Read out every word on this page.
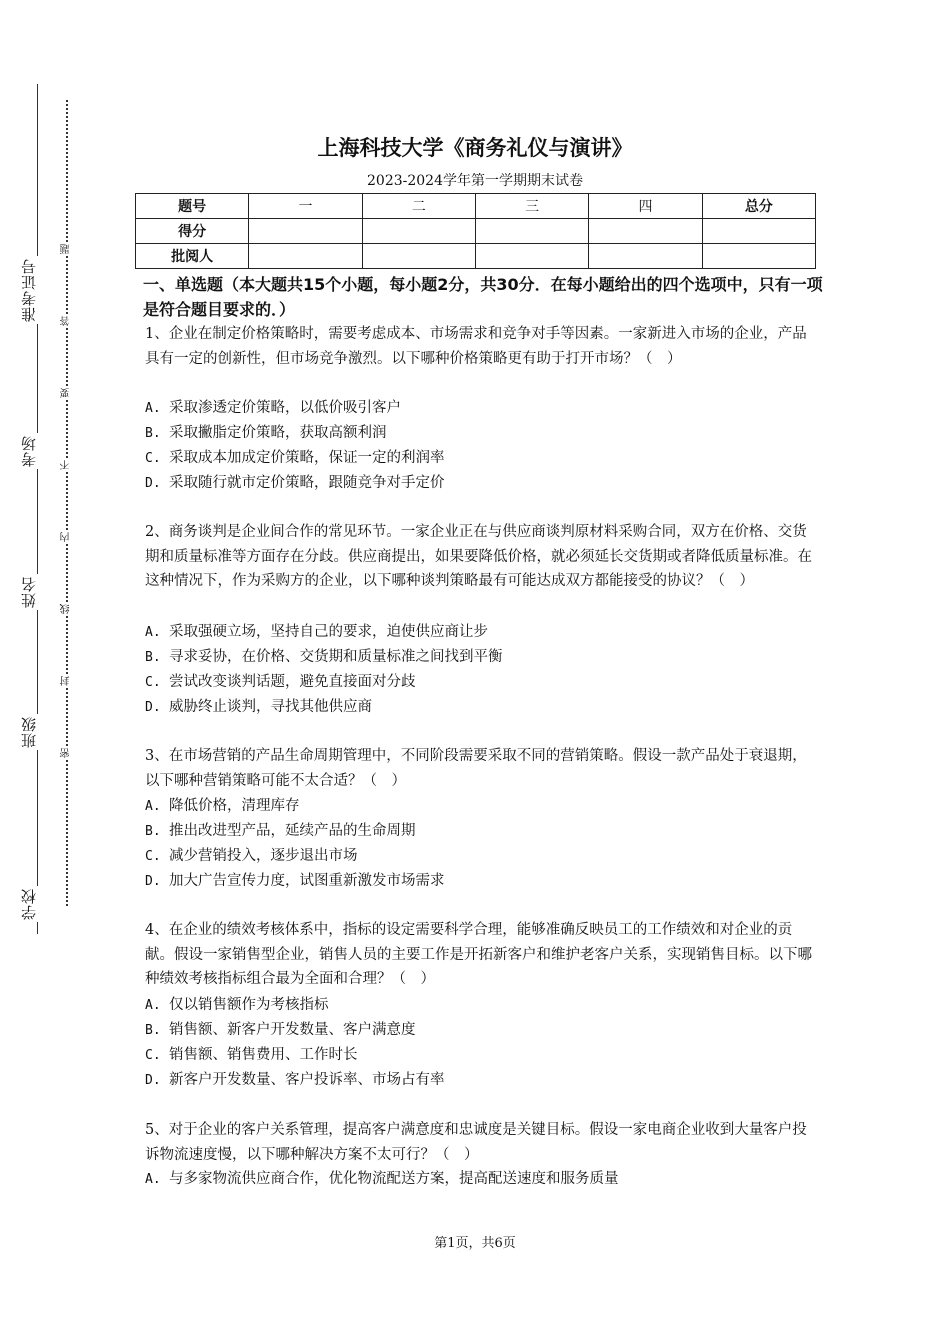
准考证号
考场
姓名
班级
学校
题
答
要
不
内
线
封
密
上海科技大学《商务礼仪与演讲》
2023-2024学年第一学期期末试卷
题号	一	二	三	四	总分
得分					
批阅人					
一、单选题（本大题共15个小题，每小题2分，共30分．在每小题给出的四个选项中，只有一项是符合题目要求的．）
1、企业在制定价格策略时，需要考虑成本、市场需求和竞争对手等因素。一家新进入市场的企业，产品具有一定的创新性，但市场竞争激烈。以下哪种价格策略更有助于打开市场？（　）
A. 采取渗透定价策略，以低价吸引客户
B. 采取撇脂定价策略，获取高额利润
C. 采取成本加成定价策略，保证一定的利润率
D. 采取随行就市定价策略，跟随竞争对手定价
2、商务谈判是企业间合作的常见环节。一家企业正在与供应商谈判原材料采购合同，双方在价格、交货期和质量标准等方面存在分歧。供应商提出，如果要降低价格，就必须延长交货期或者降低质量标准。在这种情况下，作为采购方的企业，以下哪种谈判策略最有可能达成双方都能接受的协议？（　）
A. 采取强硬立场，坚持自己的要求，迫使供应商让步
B. 寻求妥协，在价格、交货期和质量标准之间找到平衡
C. 尝试改变谈判话题，避免直接面对分歧
D. 威胁终止谈判，寻找其他供应商
3、在市场营销的产品生命周期管理中，不同阶段需要采取不同的营销策略。假设一款产品处于衰退期，以下哪种营销策略可能不太合适？（　）
A. 降低价格，清理库存
B. 推出改进型产品，延续产品的生命周期
C. 减少营销投入，逐步退出市场
D. 加大广告宣传力度，试图重新激发市场需求
4、在企业的绩效考核体系中，指标的设定需要科学合理，能够准确反映员工的工作绩效和对企业的贡献。假设一家销售型企业，销售人员的主要工作是开拓新客户和维护老客户关系，实现销售目标。以下哪种绩效考核指标组合最为全面和合理？（　）
A. 仅以销售额作为考核指标
B. 销售额、新客户开发数量、客户满意度
C. 销售额、销售费用、工作时长
D. 新客户开发数量、客户投诉率、市场占有率
5、对于企业的客户关系管理，提高客户满意度和忠诚度是关键目标。假设一家电商企业收到大量客户投诉物流速度慢，以下哪种解决方案不太可行？（　）
A. 与多家物流供应商合作，优化物流配送方案，提高配送速度和服务质量
第1页，共6页
